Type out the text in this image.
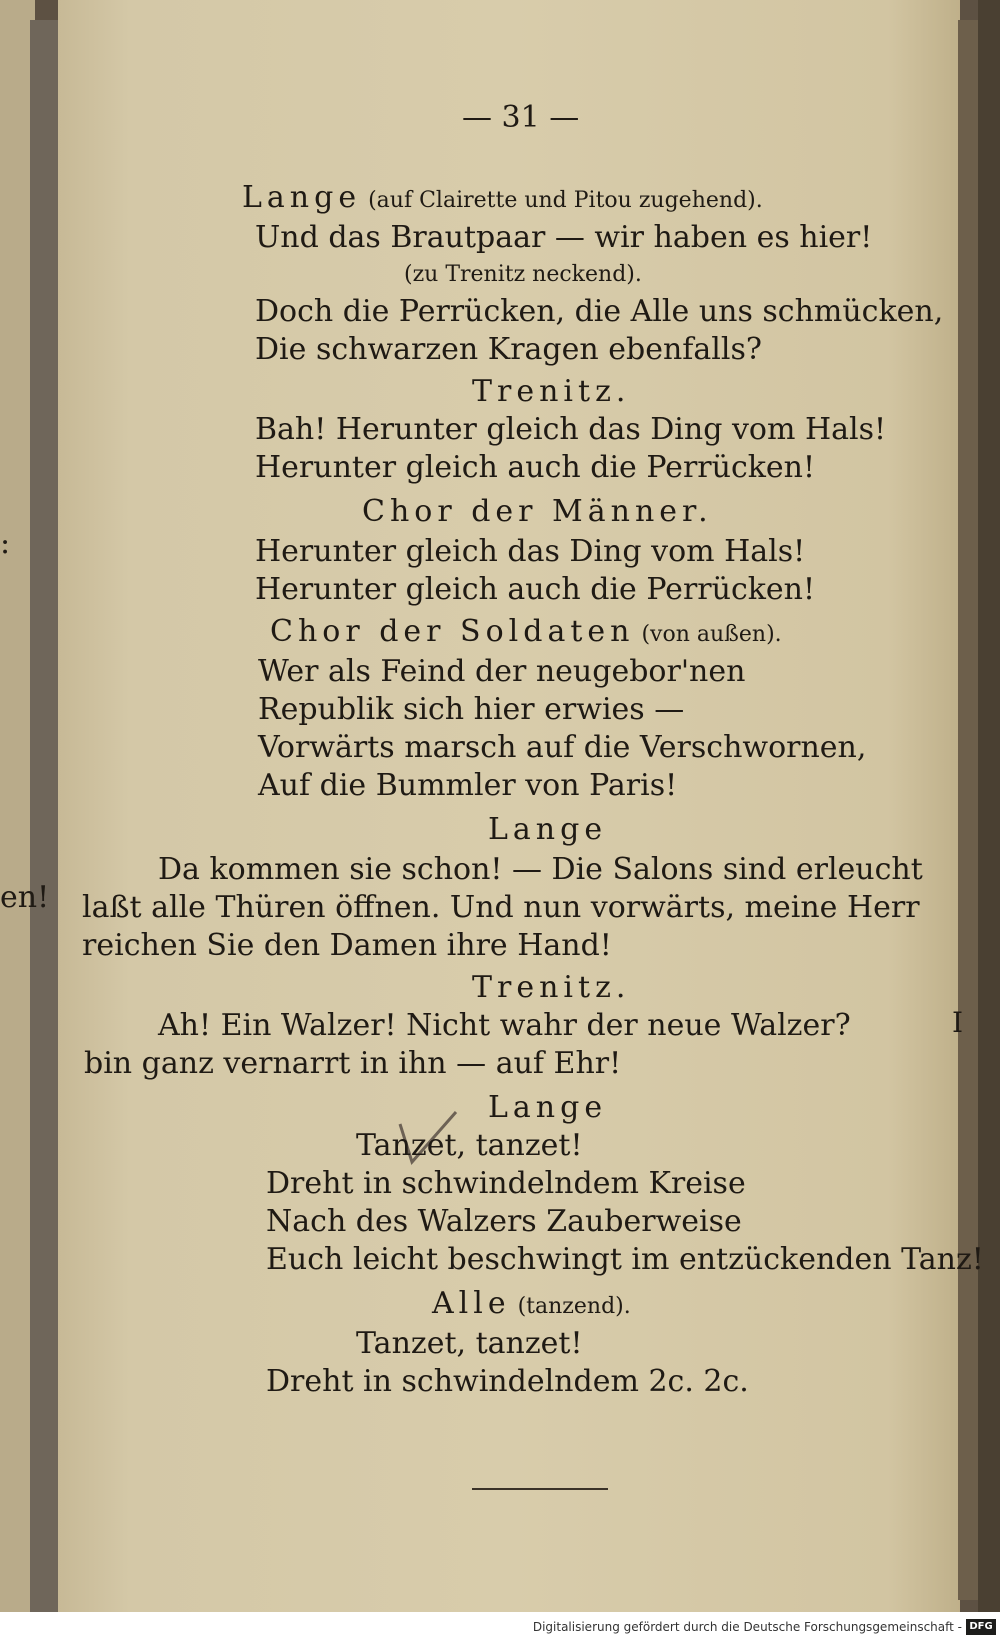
:
en!
— 31 —
Lange (auf Clairette und Pitou zugehend).
Und das Brautpaar — wir haben es hier!
(zu Trenitz neckend).
Doch die Perrücken, die Alle uns schmücken,
Die schwarzen Kragen ebenfalls?
Trenitz.
Bah! Herunter gleich das Ding vom Hals!
Herunter gleich auch die Perrücken!
Chor der Männer.
Herunter gleich das Ding vom Hals!
Herunter gleich auch die Perrücken!
Chor der Soldaten (von außen).
Wer als Feind der neugebor'nen
Republik sich hier erwies —
Vorwärts marsch auf die Verschwornen,
Auf die Bummler von Paris!
Lange
Da kommen sie schon! — Die Salons sind erleucht
laßt alle Thüren öffnen. Und nun vorwärts, meine Herr
reichen Sie den Damen ihre Hand!
Trenitz.
Ah! Ein Walzer! Nicht wahr der neue Walzer?
bin ganz vernarrt in ihn — auf Ehr!
Lange
Tanzet, tanzet!
Dreht in schwindelndem Kreise
Nach des Walzers Zauberweise
Euch leicht beschwingt im entzückenden Tanz!
Alle (tanzend).
Tanzet, tanzet!
Dreht in schwindelndem 2c. 2c.
I
Digitalisierung gefördert durch die Deutsche Forschungsgemeinschaft - DFG
